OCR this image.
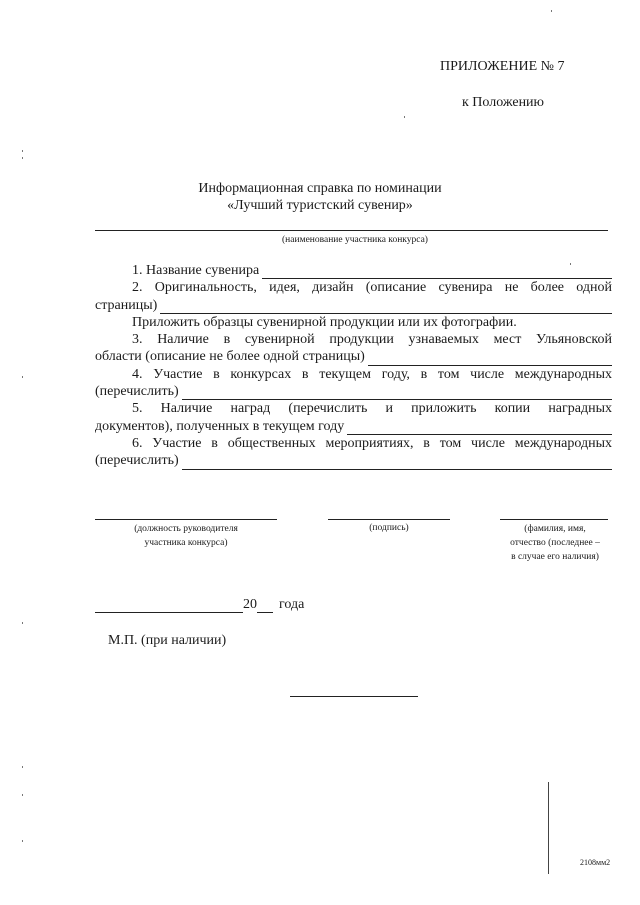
ПРИЛОЖЕНИЕ № 7
к Положению
Информационная справка по номинации
«Лучший туристский сувенир»
(наименование участника конкурса)
1. Название сувенира
2. Оригинальность, идея, дизайн (описание сувенира не более одной
страницы)
Приложить образцы сувенирной продукции или их фотографии.
3. Наличие в сувенирной продукции узнаваемых мест Ульяновской
области (описание не более одной страницы)
4. Участие в конкурсах в текущем году, в том числе международных
(перечислить)
5. Наличие наград (перечислить и приложить копии наградных
документов), полученных в текущем году
6. Участие в общественных мероприятиях, в том числе международных
(перечислить)
(должность руководителя
участника конкурса)
(подпись)	(фамилия, имя,
отчество (последнее –
в случае его наличия)
20 года
М.П. (при наличии)
2108мм2
